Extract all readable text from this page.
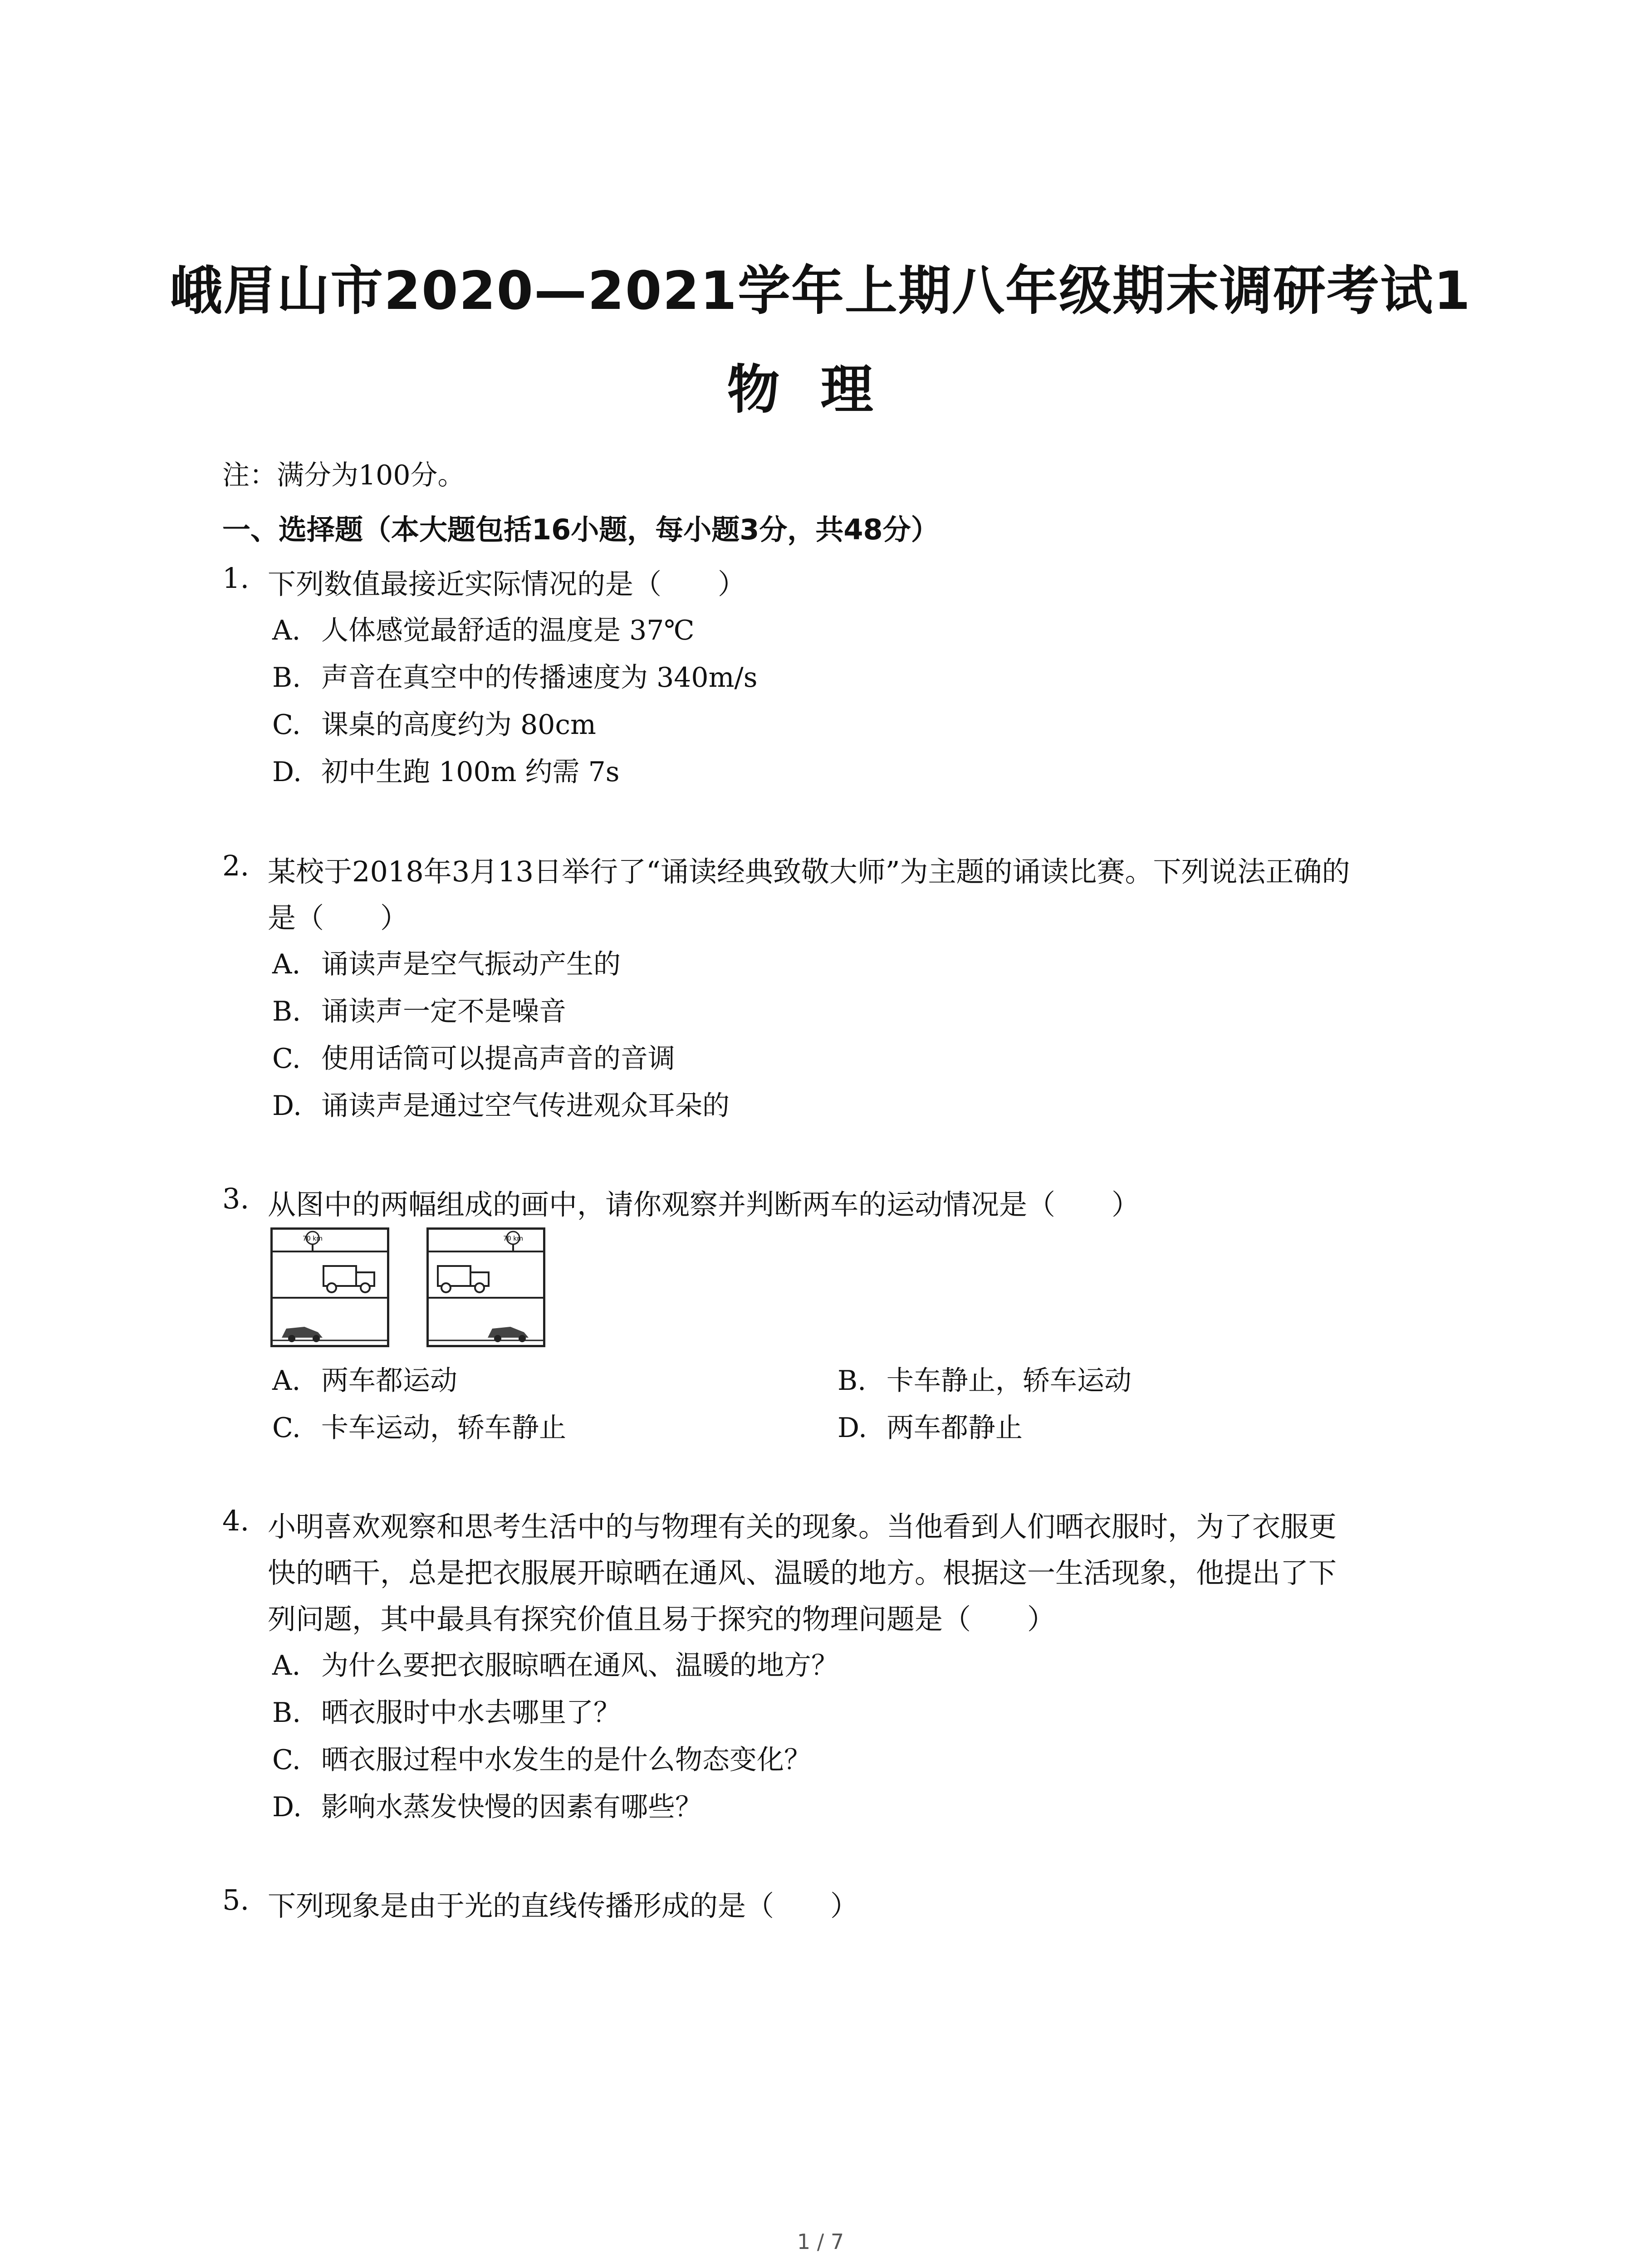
峨眉山市2020—2021学年上期八年级期末调研考试1
物理
注：满分为100分。
一、选择题（本大题包括16小题，每小题3分，共48分）
1. 下列数值最接近实际情况的是（　　）
A. 人体感觉最舒适的温度是 37℃
B. 声音在真空中的传播速度为 340m/s
C. 课桌的高度约为 80cm
D. 初中生跑 100m 约需 7s
2. 某校于2018年3月13日举行了“诵读经典致敬大师”为主题的诵读比赛。下列说法正确的
是（　　）
A. 诵读声是空气振动产生的
B. 诵读声一定不是噪音
C. 使用话筒可以提高声音的音调
D. 诵读声是通过空气传进观众耳朵的
3. 从图中的两幅组成的画中，请你观察并判断两车的运动情况是（　　）
70 km	70 km
A. 两车都运动	B. 卡车静止，轿车运动
C. 卡车运动，轿车静止	D. 两车都静止
4. 小明喜欢观察和思考生活中的与物理有关的现象。当他看到人们晒衣服时，为了衣服更
快的晒干，总是把衣服展开晾晒在通风、温暖的地方。根据这一生活现象，他提出了下
列问题，其中最具有探究价值且易于探究的物理问题是（　　）
A. 为什么要把衣服晾晒在通风、温暖的地方？
B. 晒衣服时中水去哪里了？
C. 晒衣服过程中水发生的是什么物态变化？
D. 影响水蒸发快慢的因素有哪些？
5. 下列现象是由于光的直线传播形成的是（　　）
1 / 7
